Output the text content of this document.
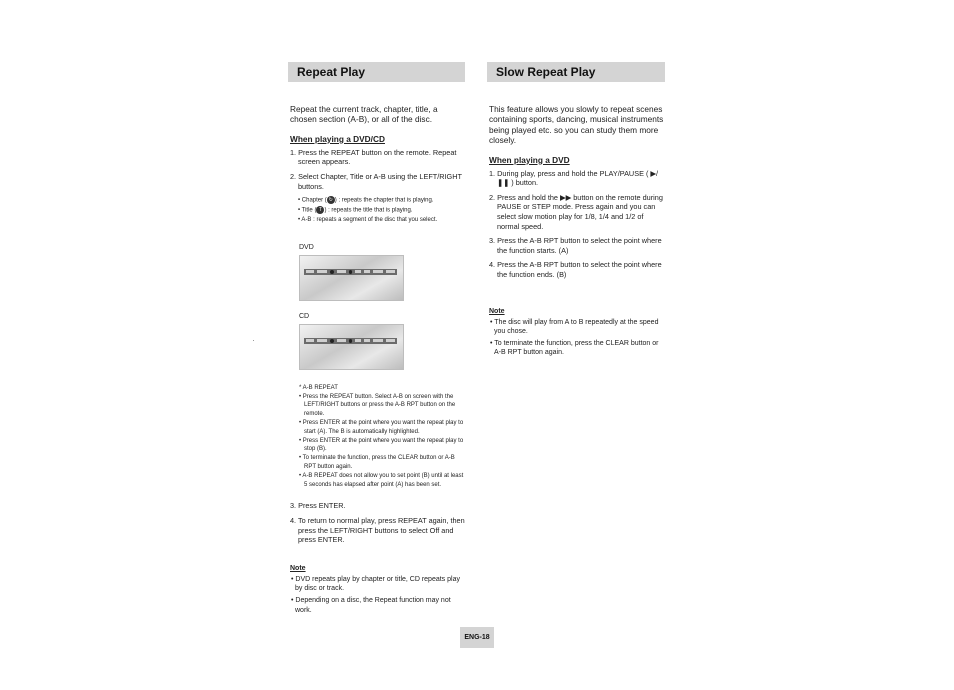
Repeat Play
Repeat the current track, chapter, title, a chosen section (A-B), or all of the disc.
When playing a DVD/CD
1. Press the REPEAT button on the remote. Repeat screen appears.
2. Select Chapter, Title or A-B using the LEFT/RIGHT buttons.
• Chapter ( ↻ ) : repeats the chapter that is playing.
• Title ( T ) : repeats the title that is playing.
• A-B : repeats a segment of the disc that you select.
DVD
CD
* A-B REPEAT
• Press the REPEAT button. Select A-B on screen with the LEFT/RIGHT buttons or press the A-B RPT button on the remote.
• Press ENTER at the point where you want the repeat play to start (A). The B is automatically highlighted.
• Press ENTER at the point where you want the repeat play to stop (B).
• To terminate the function, press the CLEAR button or A-B RPT button again.
• A-B REPEAT does not allow you to set point (B) until at least 5 seconds has elapsed after point (A) has been set.
3. Press ENTER.
4. To return to normal play, press REPEAT again, then press the LEFT/RIGHT buttons to select Off and press ENTER.
Note
• DVD repeats play by chapter or title, CD repeats play by disc or track.
• Depending on a disc, the Repeat function may not work.
Slow Repeat Play
This feature allows you slowly to repeat scenes containing sports, dancing, musical instruments being played etc. so you can study them more closely.
When playing a DVD
1. During play, press and hold the PLAY/PAUSE ( ▶/❚❚ ) button.
2. Press and hold the ▶▶ button on the remote during PAUSE or STEP mode. Press again and you can select slow motion play for 1/8, 1/4 and 1/2 of normal speed.
3. Press the A-B RPT button to select the point where the function starts. (A)
4. Press the A-B RPT button to select the point where the function ends. (B)
Note
• The disc will play from A to B repeatedly at the speed you chose.
• To terminate the function, press the CLEAR button or A-B RPT button again.
ENG-18
